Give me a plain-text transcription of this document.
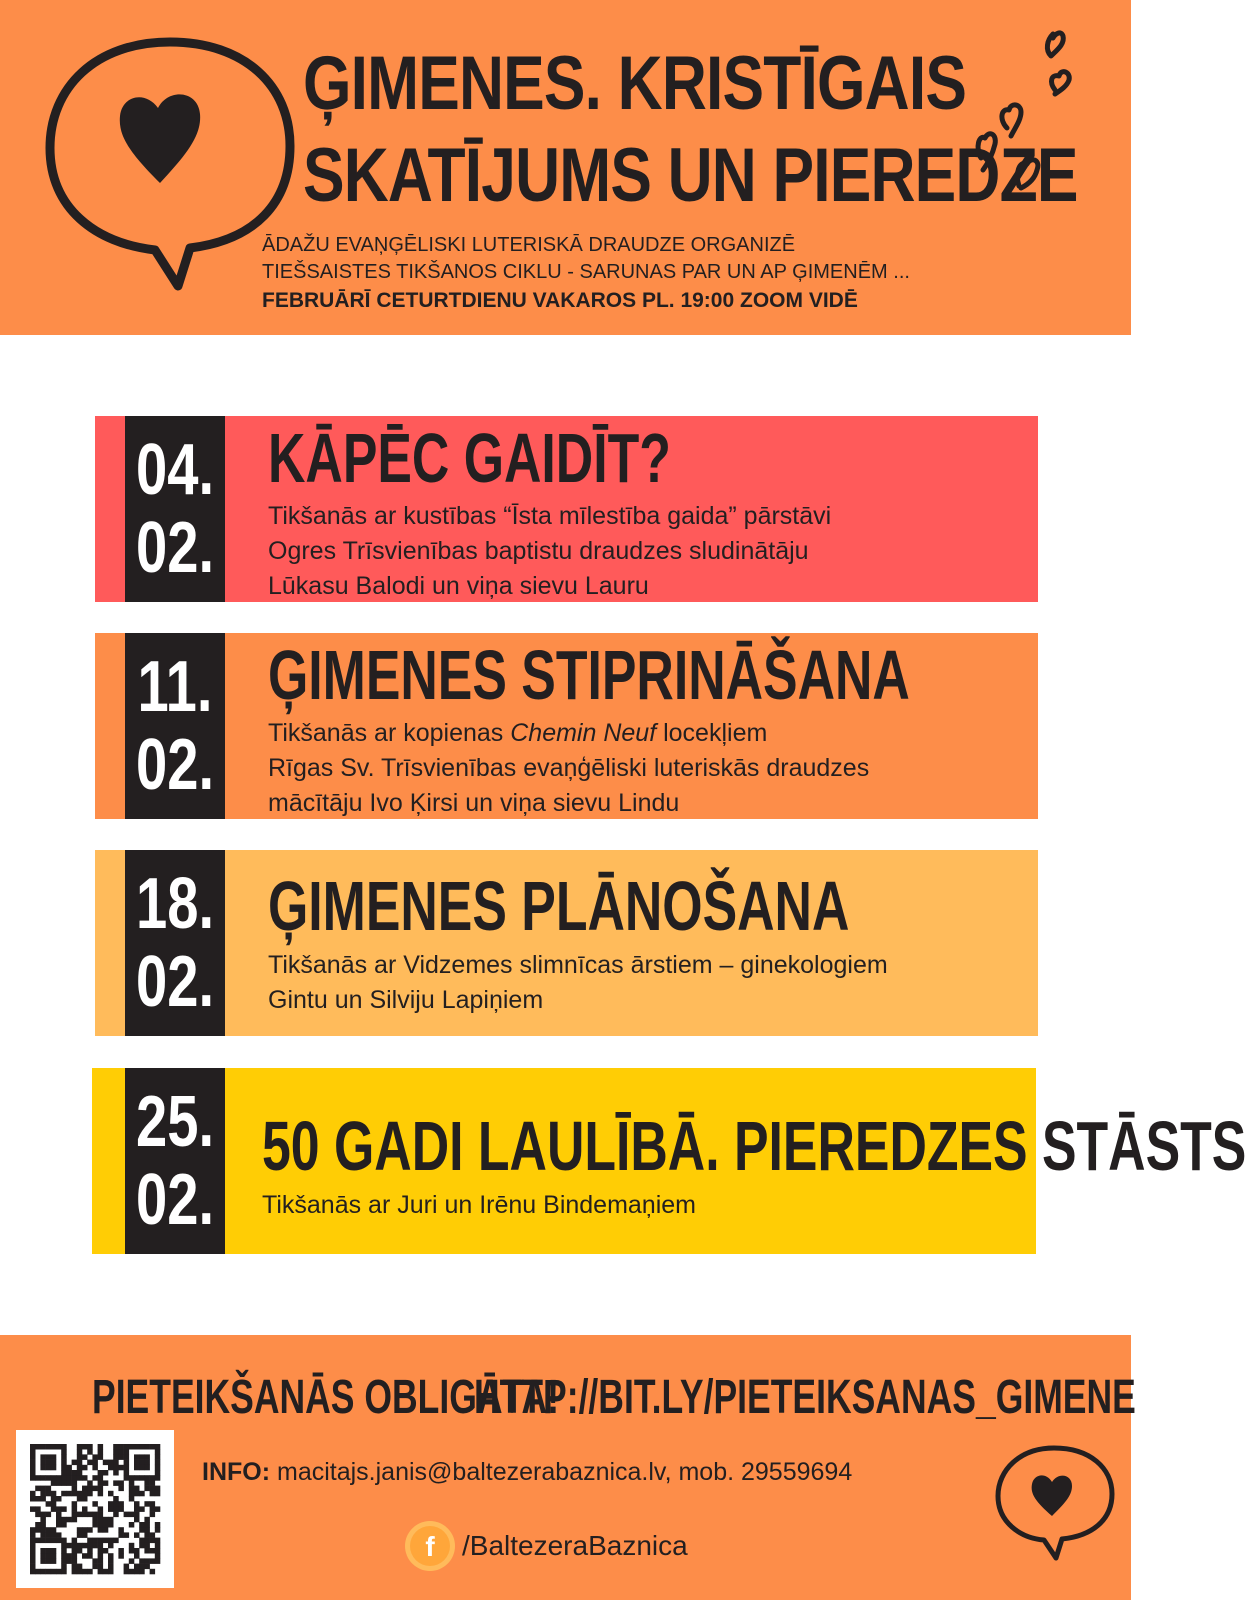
ĢIMENES. KRISTĪGAIS
SKATĪJUMS UN PIEREDZE
ĀDAŽU EVAŅĢĒLISKI LUTERISKĀ DRAUDZE ORGANIZĒ
TIEŠSAISTES TIKŠANOS CIKLU - SARUNAS PAR UN AP ĢIMENĒM ...
FEBRUĀRĪ CETURTDIENU VAKAROS PL. 19:00 ZOOM VIDĒ
04.
02.
KĀPĒC GAIDĪT?
Tikšanās ar kustības “Īsta mīlestība gaida” pārstāvi
Ogres Trīsvienības baptistu draudzes sludinātāju
Lūkasu Balodi un viņa sievu Lauru
11.
02.
ĢIMENES STIPRINĀŠANA
Tikšanās ar kopienas Chemin Neuf locekļiem
Rīgas Sv. Trīsvienības evaņģēliski luteriskās draudzes
mācītāju Ivo Ķirsi un viņa sievu Lindu
18.
02.
ĢIMENES PLĀNOŠANA
Tikšanās ar Vidzemes slimnīcas ārstiem – ginekologiem
Gintu un Silviju Lapiņiem
25.
02.
50 GADI LAULĪBĀ. PIEREDZES STĀSTS
Tikšanās ar Juri un Irēnu Bindemaņiem
PIETEIKŠANĀS OBLIGĀTA!
HTTP://BIT.LY/PIETEIKSANAS_GIMENE
INFO: macitajs.janis@baltezerabaznica.lv, mob. 29559694
f /BaltezeraBaznica
